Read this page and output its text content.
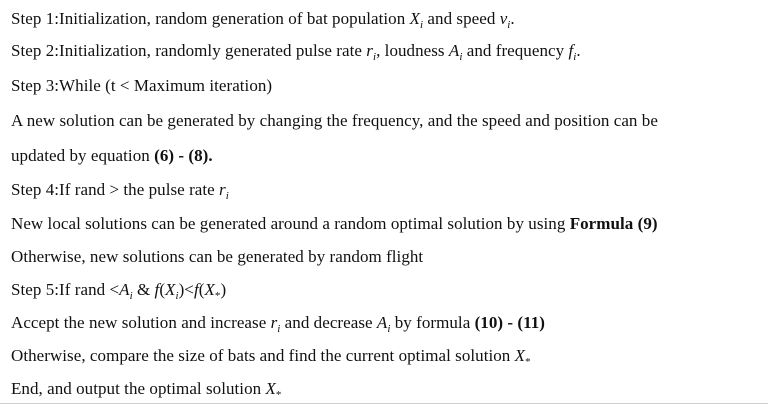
Step 1:Initialization, random generation of bat population $X_i$ and speed $v_i$.
Step 2:Initialization, randomly generated pulse rate $r_i$, loudness $A_i$ and frequency $f_i$.
Step 3:While (t < Maximum iteration)
A new solution can be generated by changing the frequency, and the speed and position can be
updated by equation (6) - (8).
Step 4:If rand > the pulse rate $r_i$
New local solutions can be generated around a random optimal solution by using Formula (9)
Otherwise, new solutions can be generated by random flight
Step 5:If rand $<A_i$ & $f(X_i)<f(X_*)$
Accept the new solution and increase $r_i$ and decrease $A_i$ by formula (10) - (11)
Otherwise, compare the size of bats and find the current optimal solution $X_*$
End, and output the optimal solution $X_*$
